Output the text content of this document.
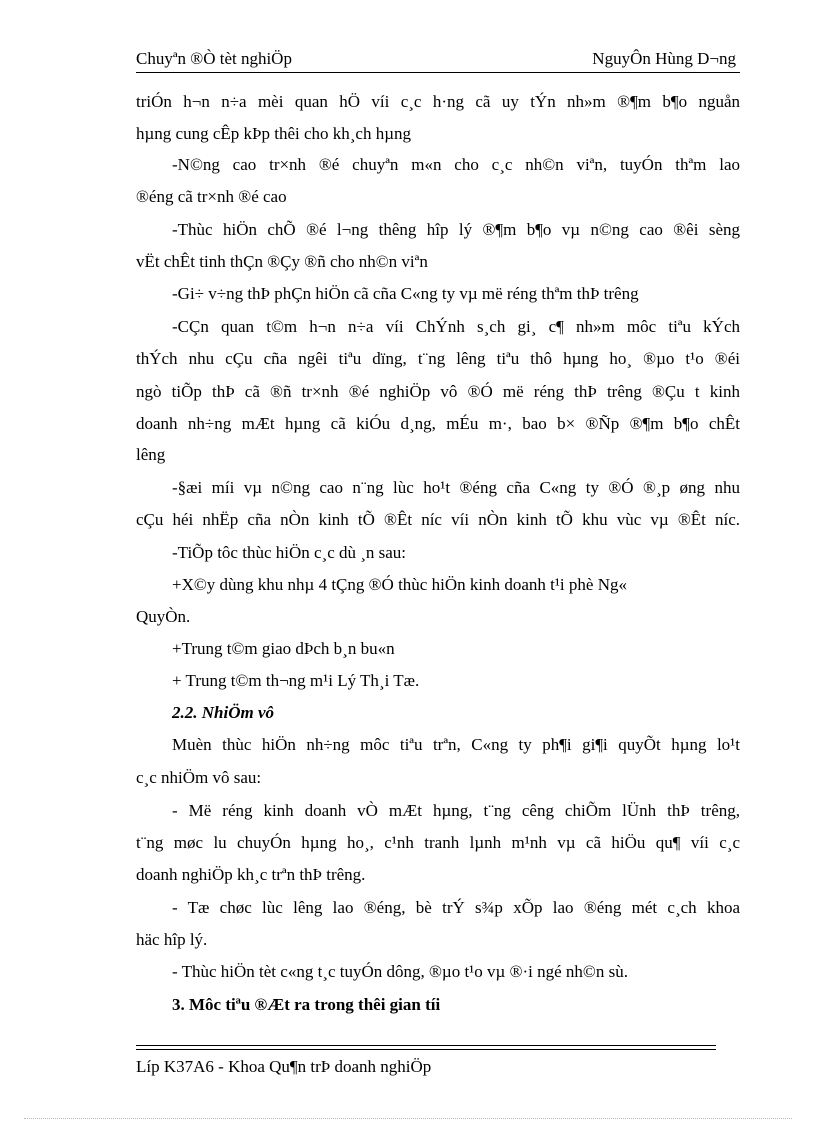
Chuyªn ®Ò tèt nghiÖp	NguyÔn Hùng D¬ng
triÓn h¬n n÷a mèi quan hÖ víi c¸c h·ng cã uy tÝn nh»m ®¶m b¶o nguån
hµng cung cÊp kÞp thêi cho kh¸ch hµng
-N©ng cao tr×nh ®é chuyªn m«n cho c¸c nh©n viªn, tuyÓn thªm lao
®éng cã tr×nh ®é cao
-Thùc hiÖn chÕ ®é l¬ng thêng hîp lý ®¶m b¶o vµ n©ng cao ®êi sèng
vËt chÊt tinh thÇn ®Çy ®ñ cho nh©n viªn
-Gi÷ v÷ng thÞ phÇn hiÖn cã cña C«ng ty vµ më réng thªm thÞ trêng
-CÇn quan t©m h¬n n÷a víi ChÝnh s¸ch gi¸ c¶ nh»m môc tiªu kÝch
thÝch nhu cÇu cña ngêi tiªu dïng, t¨ng lêng tiªu thô hµng ho¸ ®µo t¹o ®éi
ngò tiÕp thÞ cã ®ñ tr×nh ®é nghiÖp vô ®Ó më réng thÞ trêng ®Çu t kinh
doanh nh÷ng mÆt hµng cã kiÓu d¸ng, mÉu m·, bao b× ®Ñp ®¶m b¶o chÊt
lêng
-§æi míi vµ n©ng cao n¨ng lùc ho¹t ®éng cña C«ng ty ®Ó ®¸p øng nhu
cÇu héi nhËp cña nÒn kinh tÕ ®Êt níc víi nÒn kinh tÕ khu vùc vµ ®Êt níc.
-TiÕp tôc thùc hiÖn c¸c dù ¸n sau:
+X©y dùng khu nhµ 4 tÇng ®Ó thùc hiÖn kinh doanh t¹i phè Ng«
QuyÒn.
+Trung t©m giao dÞch b¸n bu«n
+ Trung t©m th¬ng m¹i Lý Th¸i Tæ.
2.2. NhiÖm vô
Muèn thùc hiÖn nh÷ng môc tiªu trªn, C«ng ty ph¶i gi¶i quyÕt hµng lo¹t
c¸c nhiÖm vô sau:
- Më réng kinh doanh vÒ mÆt hµng, t¨ng cêng chiÕm lÜnh thÞ trêng,
t¨ng møc lu chuyÓn hµng ho¸, c¹nh tranh lµnh m¹nh vµ cã hiÖu qu¶ víi c¸c
doanh nghiÖp kh¸c trªn thÞ trêng.
- Tæ chøc lùc lêng lao ®éng, bè trÝ s¾p xÕp lao ®éng mét c¸ch khoa
häc hîp lý.
- Thùc hiÖn tèt c«ng t¸c tuyÓn dông, ®µo t¹o vµ ®·i ngé nh©n sù.
3. Môc tiªu ®Æt ra trong thêi gian tíi
Líp K37A6 - Khoa Qu¶n trÞ doanh nghiÖp
